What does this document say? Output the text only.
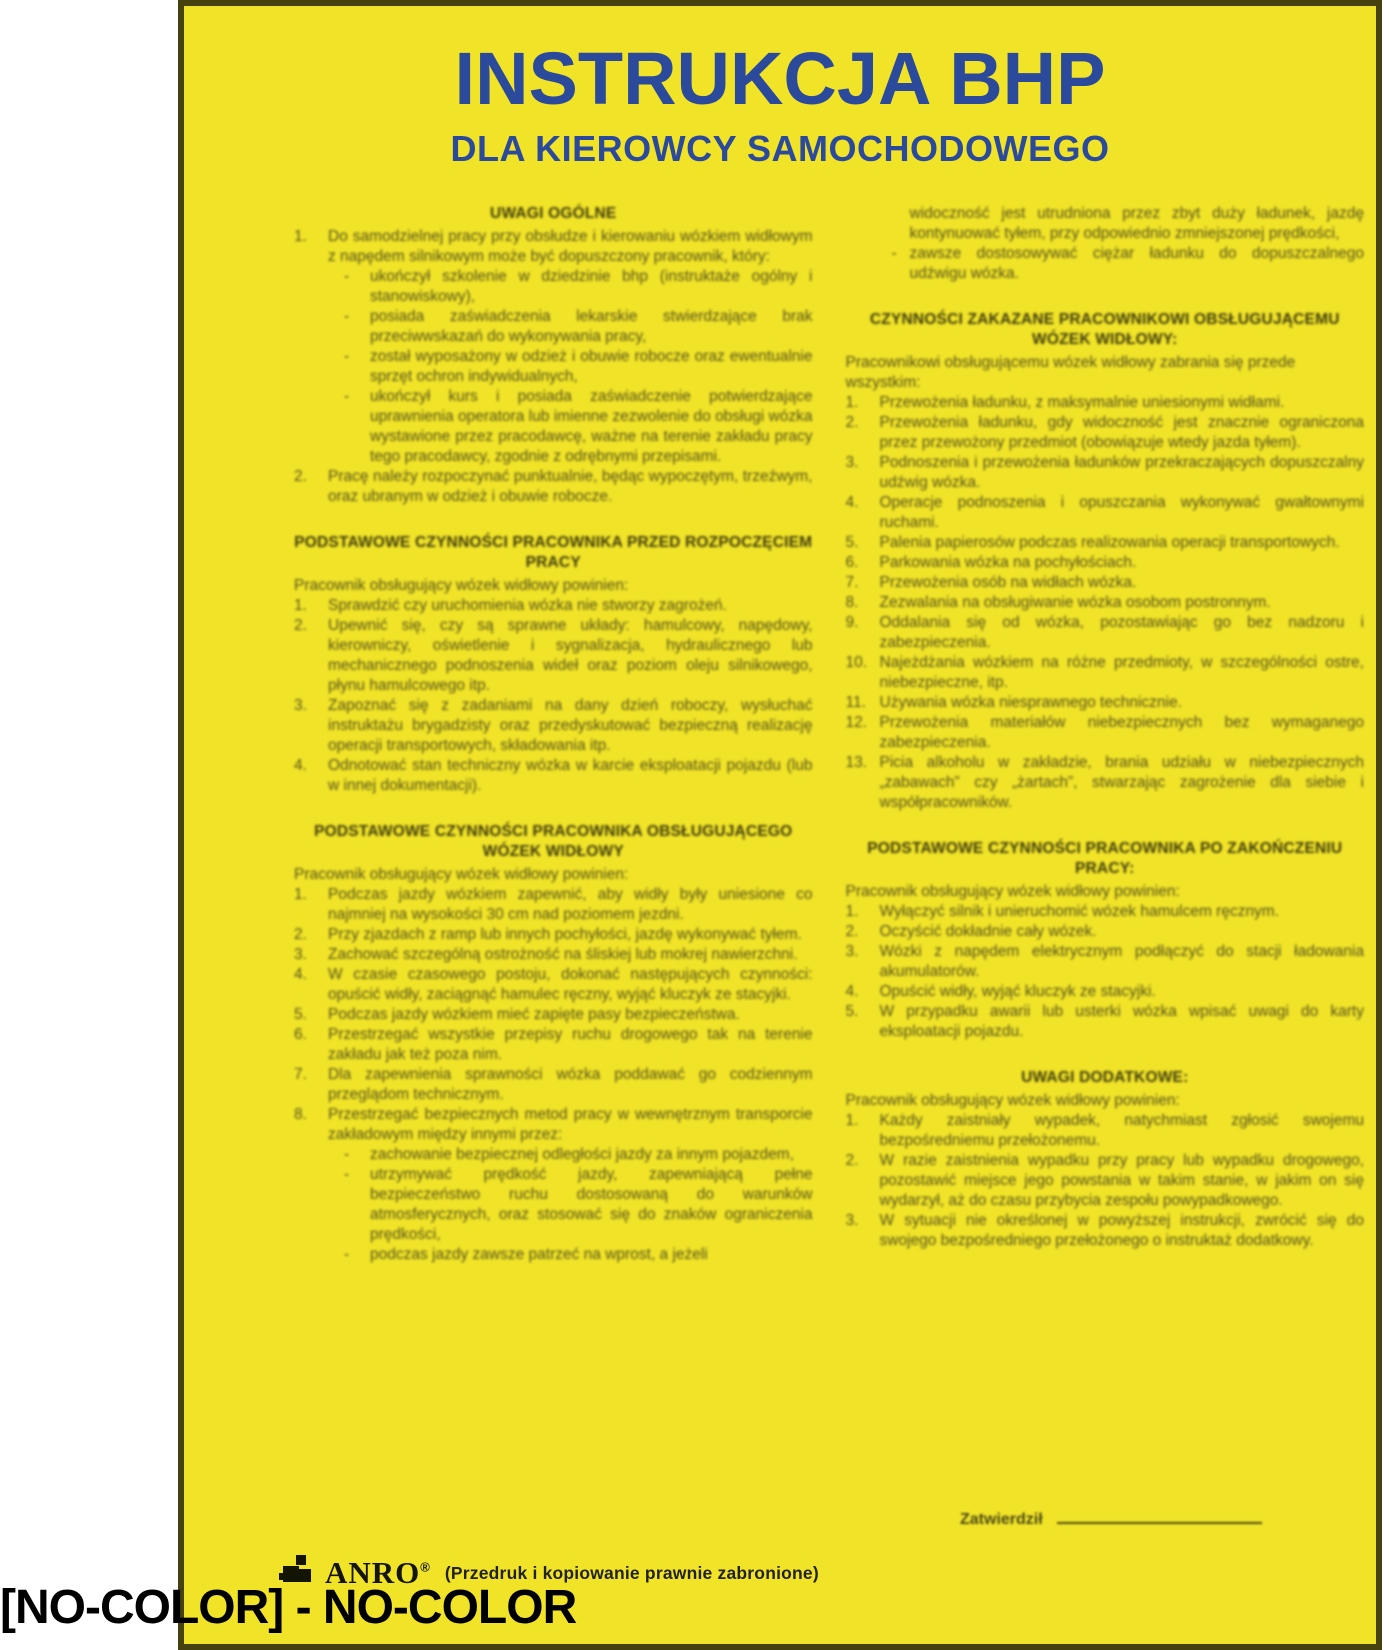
INSTRUKCJA BHP
DLA KIEROWCY SAMOCHODOWEGO
UWAGI OGÓLNE
1.	Do samodzielnej pracy przy obsłudze i kierowaniu wózkiem widłowym z napędem silnikowym może być dopuszczony pracownik, który:
-	ukończył szkolenie w dziedzinie bhp (instruktaże ogólny i stanowiskowy),
-	posiada zaświadczenia lekarskie stwierdzające brak przeciwwskazań do wykonywania pracy,
-	został wyposażony w odzież i obuwie robocze oraz ewentualnie sprzęt ochron indywidualnych,
-	ukończył kurs i posiada zaświadczenie potwierdzające uprawnienia operatora lub imienne zezwolenie do obsługi wózka wystawione przez pracodawcę, ważne na terenie zakładu pracy tego pracodawcy, zgodnie z odrębnymi przepisami.
2.	Pracę należy rozpoczynać punktualnie, będąc wypoczętym, trzeźwym, oraz ubranym w odzież i obuwie robocze.
PODSTAWOWE CZYNNOŚCI PRACOWNIKA PRZED ROZPOCZĘCIEM PRACY
Pracownik obsługujący wózek widłowy powinien:
1.	Sprawdzić czy uruchomienia wózka nie stworzy zagrożeń.
2.	Upewnić się, czy są sprawne układy: hamulcowy, napędowy, kierowniczy, oświetlenie i sygnalizacja, hydraulicznego lub mechanicznego podnoszenia wideł oraz poziom oleju silnikowego, płynu hamulcowego itp.
3.	Zapoznać się z zadaniami na dany dzień roboczy, wysłuchać instruktażu brygadzisty oraz przedyskutować bezpieczną realizację operacji transportowych, składowania itp.
4.	Odnotować stan techniczny wózka w karcie eksploatacji pojazdu (lub w innej dokumentacji).
PODSTAWOWE CZYNNOŚCI PRACOWNIKA OBSŁUGUJĄCEGO WÓZEK WIDŁOWY
Pracownik obsługujący wózek widłowy powinien:
1.	Podczas jazdy wózkiem zapewnić, aby widły były uniesione co najmniej na wysokości 30 cm nad poziomem jezdni.
2.	Przy zjazdach z ramp lub innych pochyłości, jazdę wykonywać tyłem.
3.	Zachować szczególną ostrożność na śliskiej lub mokrej nawierzchni.
4.	W czasie czasowego postoju, dokonać następujących czynności: opuścić widły, zaciągnąć hamulec ręczny, wyjąć kluczyk ze stacyjki.
5.	Podczas jazdy wózkiem mieć zapięte pasy bezpieczeństwa.
6.	Przestrzegać wszystkie przepisy ruchu drogowego tak na terenie zakładu jak też poza nim.
7.	Dla zapewnienia sprawności wózka poddawać go codziennym przeglądom technicznym.
8.	Przestrzegać bezpiecznych metod pracy w wewnętrznym transporcie zakładowym między innymi przez:
-	zachowanie bezpiecznej odległości jazdy za innym pojazdem,
-	utrzymywać prędkość jazdy, zapewniającą pełne bezpieczeństwo ruchu dostosowaną do warunków atmosferycznych, oraz stosować się do znaków ograniczenia prędkości,
-	podczas jazdy zawsze patrzeć na wprost, a jeżeli
widoczność jest utrudniona przez zbyt duży ładunek, jazdę kontynuować tyłem, przy odpowiednio zmniejszonej prędkości,
- zawsze dostosowywać ciężar ładunku do dopuszczalnego udźwigu wózka.
CZYNNOŚCI ZAKAZANE PRACOWNIKOWI OBSŁUGUJĄCEMU WÓZEK WIDŁOWY:
Pracownikowi obsługującemu wózek widłowy zabrania się przede wszystkim:
1.	Przewożenia ładunku, z maksymalnie uniesionymi widłami.
2.	Przewożenia ładunku, gdy widoczność jest znacznie ograniczona przez przewożony przedmiot (obowiązuje wtedy jazda tyłem).
3.	Podnoszenia i przewożenia ładunków przekraczających dopuszczalny udźwig wózka.
4.	Operacje podnoszenia i opuszczania wykonywać gwałtownymi ruchami.
5.	Palenia papierosów podczas realizowania operacji transportowych.
6.	Parkowania wózka na pochyłościach.
7.	Przewożenia osób na widłach wózka.
8.	Zezwalania na obsługiwanie wózka osobom postronnym.
9.	Oddalania się od wózka, pozostawiając go bez nadzoru i zabezpieczenia.
10. Najeżdżania wózkiem na różne przedmioty, w szczególności ostre, niebezpieczne, itp.
11. Używania wózka niesprawnego technicznie.
12. Przewożenia materiałów niebezpiecznych bez wymaganego zabezpieczenia.
13. Picia alkoholu w zakładzie, brania udziału w niebezpiecznych „zabawach” czy „żartach”, stwarzając zagrożenie dla siebie i współpracowników.
PODSTAWOWE CZYNNOŚCI PRACOWNIKA PO ZAKOŃCZENIU PRACY:
Pracownik obsługujący wózek widłowy powinien:
1.	Wyłączyć silnik i unieruchomić wózek hamulcem ręcznym.
2.	Oczyścić dokładnie cały wózek.
3.	Wózki z napędem elektrycznym podłączyć do stacji ładowania akumulatorów.
4.	Opuścić widły, wyjąć kluczyk ze stacyjki.
5.	W przypadku awarii lub usterki wózka wpisać uwagi do karty eksploatacji pojazdu.
UWAGI DODATKOWE:
Pracownik obsługujący wózek widłowy powinien:
1.	Każdy zaistniały wypadek, natychmiast zgłosić swojemu bezpośredniemu przełożonemu.
2.	W razie zaistnienia wypadku przy pracy lub wypadku drogowego, pozostawić miejsce jego powstania w takim stanie, w jakim on się wydarzył, aż do czasu przybycia zespołu powypadkowego.
3.	W sytuacji nie określonej w powyższej instrukcji, zwrócić się do swojego bezpośredniego przełożonego o instruktaż dodatkowy.
Zatwierdził
ANRO® (Przedruk i kopiowanie prawnie zabronione)
[NO-COLOR] - NO-COLOR
